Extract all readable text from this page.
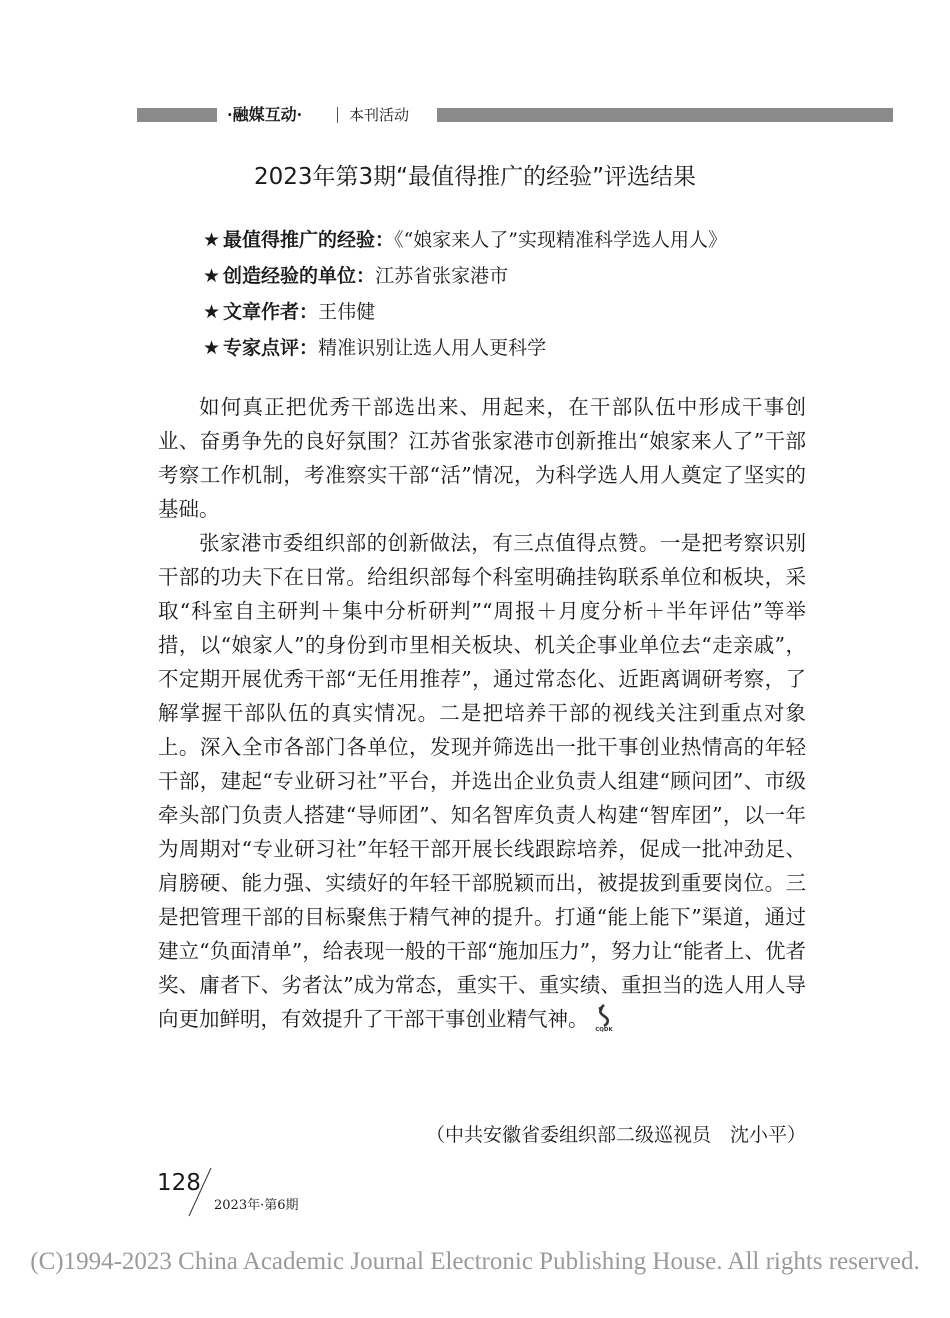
·融媒互动·	本刊活动
2023年第3期“最值得推广的经验”评选结果
★ 最值得推广的经验：《“娘家来人了”实现精准科学选人用人》
★ 创造经验的单位：江苏省张家港市
★ 文章作者：王伟健
★ 专家点评：精准识别让选人用人更科学

如何真正把优秀干部选出来、用起来，在干部队伍中形成干事创业、奋勇争先的良好氛围？江苏省张家港市创新推出“娘家来人了”干部考察工作机制，考准察实干部“活”情况，为科学选人用人奠定了坚实的基础。

张家港市委组织部的创新做法，有三点值得点赞。一是把考察识别干部的功夫下在日常。给组织部每个科室明确挂钩联系单位和板块，采取“科室自主研判＋集中分析研判”“周报＋月度分析＋半年评估”等举措，以“娘家人”的身份到市里相关板块、机关企事业单位去“走亲戚”，不定期开展优秀干部“无任用推荐”，通过常态化、近距离调研考察，了解掌握干部队伍的真实情况。二是把培养干部的视线关注到重点对象上。深入全市各部门各单位，发现并筛选出一批干事创业热情高的年轻干部，建起“专业研习社”平台，并选出企业负责人组建“顾问团”、市级牵头部门负责人搭建“导师团”、知名智库负责人构建“智库团”，以一年为周期对“专业研习社”年轻干部开展长线跟踪培养，促成一批冲劲足、肩膀硬、能力强、实绩好的年轻干部脱颖而出，被提拔到重要岗位。三是把管理干部的目标聚焦于精气神的提升。打通“能上能下”渠道，通过建立“负面清单”，给表现一般的干部“施加压力”，努力让“能者上、优者奖、庸者下、劣者汰”成为常态，重实干、重实绩、重担当的选人用人导向更加鲜明，有效提升了干部干事创业精气神。 CQDK

（中共安徽省委组织部二级巡视员　沈小平）
128
2023年·第6期
(C)1994-2023 China Academic Journal Electronic Publishing House. All rights reserved.
